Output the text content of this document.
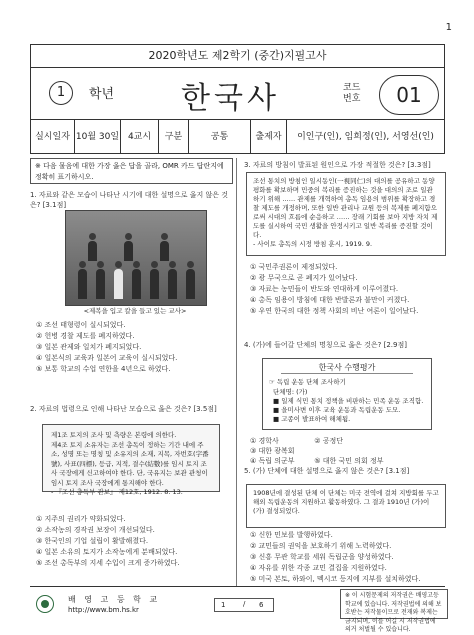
1
2020학년도 제2학기 (중간)지필고사
1	학년 한국사	코드
번호	01
실시일자 10월 30일 4교시	구분	공통	출제자	이인구(인), 임희정(인), 서영선(인)
※ 다음 물음에 대한 가장 옳은 답을 골라, OMR 카드 답란지에 정확히 표기하시오.
1. 자료와 같은 모습이 나타난 시기에 대한 설명으로 옳지 않은 것은? [3.1점]
<제복을 입고 칼을 들고 있는 교사>
① 조선 태형령이 실시되었다.
② 헌병 경찰 제도를 폐지하였다.
③ 일본 관제와 일치가 폐지되었다.
④ 일본식의 교육과 일본어 교육이 실시되었다.
⑤ 보통 학교의 수업 연한을 4년으로 하였다.
2. 자료의 법령으로 인해 나타난 모습으로 옳은 것은? [3.5점]
제1조 토지의 조사 및 측량은 본령에 의한다.
제4조 토지 소유자는 조선 총독이 정하는 기간 내에 주소, 성명 또는 명칭 및 소유지의 소재, 지목, 자번호(字番號), 사표(四標), 등급, 지적, 결수(結數)를 임시 토지 조사 국장에게 신고하여야 한다. 단, 국유지는 보관 관청이 임시 토지 조사 국장에게 통지해야 한다.
- 『조선 총독부 관보』 제12호, 1912. 8. 13.
① 지주의 권리가 약화되었다.
② 소작농의 경작권 보장이 개선되었다.
③ 한국인의 기업 설립이 활발해졌다.
④ 일본 소유의 토지가 소작농에게 분배되었다.
⑤ 조선 총독부의 지세 수입이 크게 증가하였다.
3. 자료의 방침이 발표된 원인으로 가장 적절한 것은? [3.3점]
조선 통치의 방침인 일시동인(一視同仁)의 대의를 공유하고 동양 평화를 확보하며 민중의 복리를 증진하는 것을 대의의 조로 일관하기 위해 …… 관제를 개혁하여 총독 임용의 범위를 확장하고 경찰 제도를 개정하며, 또한 일반 관리나 교원 등의 복제를 폐지함으로써 시대의 흐름에 순응하고 …… 장래 기회를 보아 지방 자치 제도를 실시하여 국민 생활을 안정시키고 일반 복리를 증진할 것이다.
- 사이토 총독의 시정 방침 훈시, 1919. 9.
① 국민주권론이 제정되었다.
② 광 무국으로 곧 폐지가 있어났다.
③ 자료는 농민들이 반도와 연대하게 이루어졌다.
④ 총독 임용이 방침에 대한 반발론과 불만이 커졌다.
⑤ 우연 한국의 대한 정책 사회의 비난 여론이 일어났다.
4. (가)에 들어갈 단체의 명칭으로 옳은 것은? [2.9점]
한국사 수행평가
☞ 독립 운동 단체 조사하기
단체명: (가)
■ 일제 식민 통치 정책을 비판하는 민족 운동 조직함.
■ 을미사변 이후 교육 운동과 독립운동 도모.
■ 고종이 발표하여 해체됨.
① 경학사	② 공정단 ③ 대한 광복회
④ 독립 의군부	⑤ 대한 국민 의회 정부
5. (가) 단체에 대한 설명으로 옳지 않은 것은? [3.1점]
1908년에 결성된 단체 이 단체는 미국 전역에 걸쳐 지방회를 두고 해외 독립운동의 지원하고 활동하였다. 그 결과 1910년 (가)이(가) 결성되었다.
① 신한 민보를 발행하였다.
② 교민들의 권익을 보호하기 위해 노력하였다.
③ 신흥 무관 학교를 세워 독립군을 양성하였다.
④ 자유를 위한 각종 교민 결집을 지원하였다.
⑤ 미국 본토, 하와이, 멕시코 등지에 지부를 설치하였다.
배 영 고 등 학 교
http://www.bm.hs.kr
1	/ 6
※ 이 시험문제의 저작권은 배영고등학교에 있습니다. 저작권법에 의해 보호받는 저작물이므로 전재와 복제는 금지되며, 이를 어길 시 저작권법에 의거 처벌될 수 있습니다.
